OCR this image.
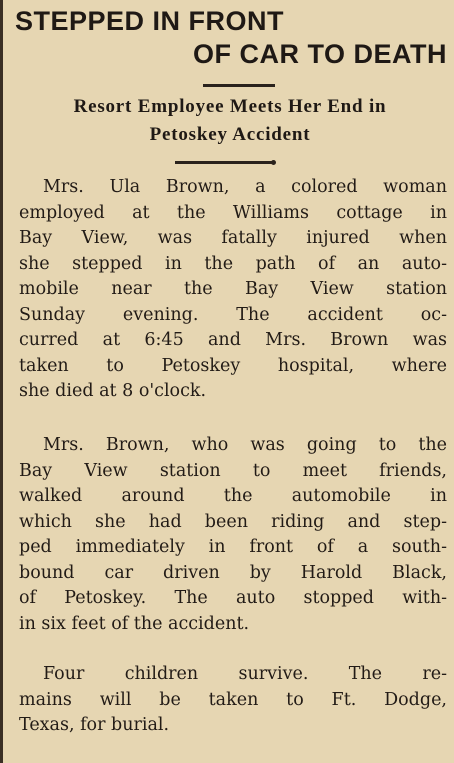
STEPPED IN FRONT
OF CAR TO DEATH
Resort Employee Meets Her End in
Petoskey Accident
Mrs. Ula Brown, a colored woman
employed at the Williams cottage in
Bay View, was fatally injured when
she stepped in the path of an auto-
mobile near the Bay View station
Sunday evening. The accident oc-
curred at 6:45 and Mrs. Brown was
taken to Petoskey hospital, where
she died at 8 o'clock.
Mrs. Brown, who was going to the
Bay View station to meet friends,
walked around the automobile in
which she had been riding and step-
ped immediately in front of a south-
bound car driven by Harold Black,
of Petoskey. The auto stopped with-
in six feet of the accident.
Four children survive. The re-
mains will be taken to Ft. Dodge,
Texas, for burial.
